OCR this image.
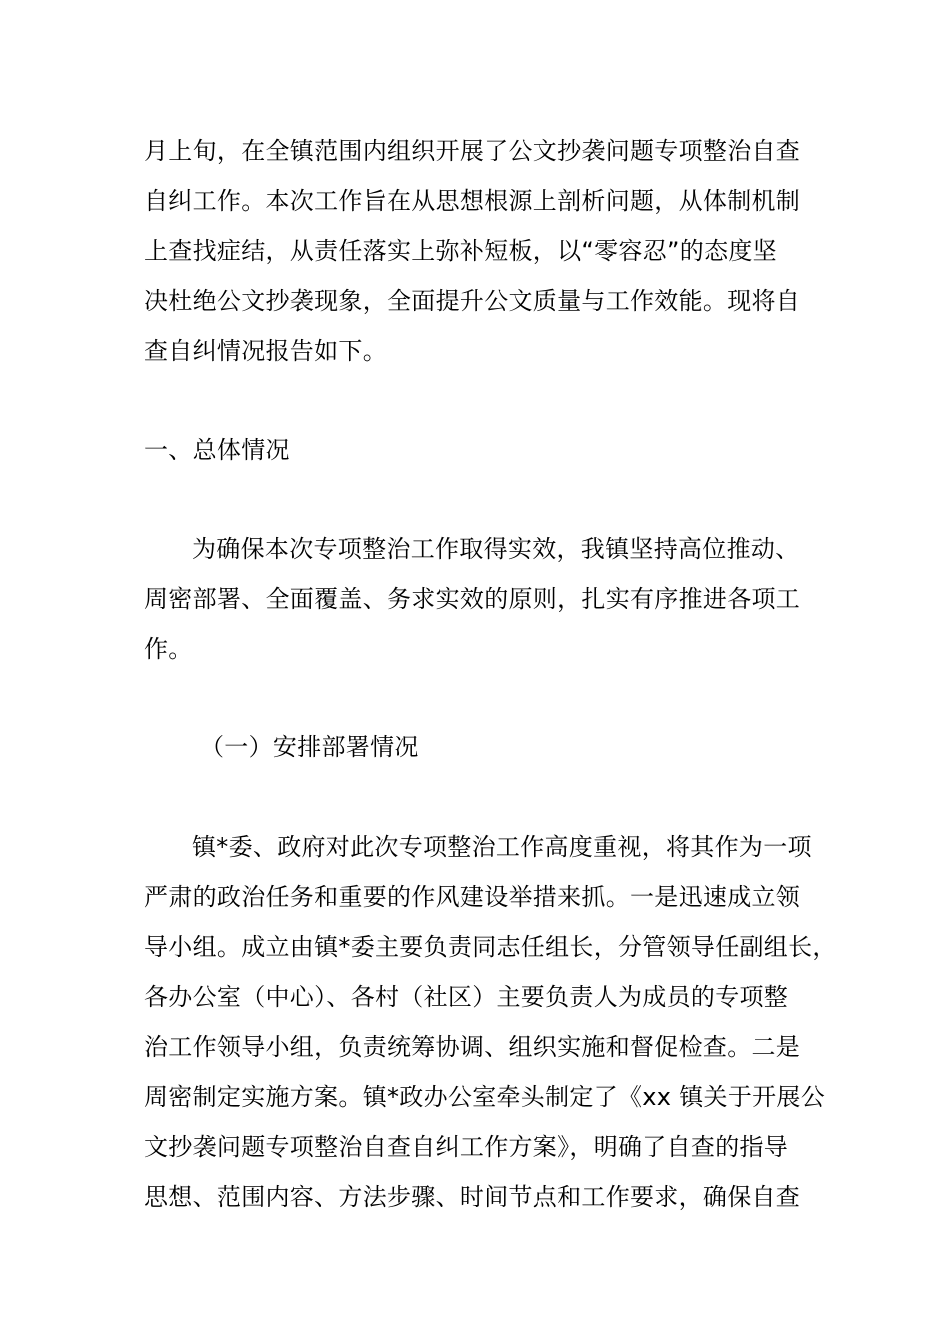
月上旬，在全镇范围内组织开展了公文抄袭问题专项整治自查
自纠工作。本次工作旨在从思想根源上剖析问题，从体制机制
上查找症结，从责任落实上弥补短板，以“零容忍”的态度坚
决杜绝公文抄袭现象，全面提升公文质量与工作效能。现将自
查自纠情况报告如下。
一、总体情况
为确保本次专项整治工作取得实效，我镇坚持高位推动、
周密部署、全面覆盖、务求实效的原则，扎实有序推进各项工
作。
（一）安排部署情况
镇*委、政府对此次专项整治工作高度重视，将其作为一项
严肃的政治任务和重要的作风建设举措来抓。一是迅速成立领
导小组。成立由镇*委主要负责同志任组长，分管领导任副组长，
各办公室（中心）、各村（社区）主要负责人为成员的专项整
治工作领导小组，负责统筹协调、组织实施和督促检查。二是
周密制定实施方案。镇*政办公室牵头制定了《xx 镇关于开展公
文抄袭问题专项整治自查自纠工作方案》，明确了自查的指导
思想、范围内容、方法步骤、时间节点和工作要求，确保自查
